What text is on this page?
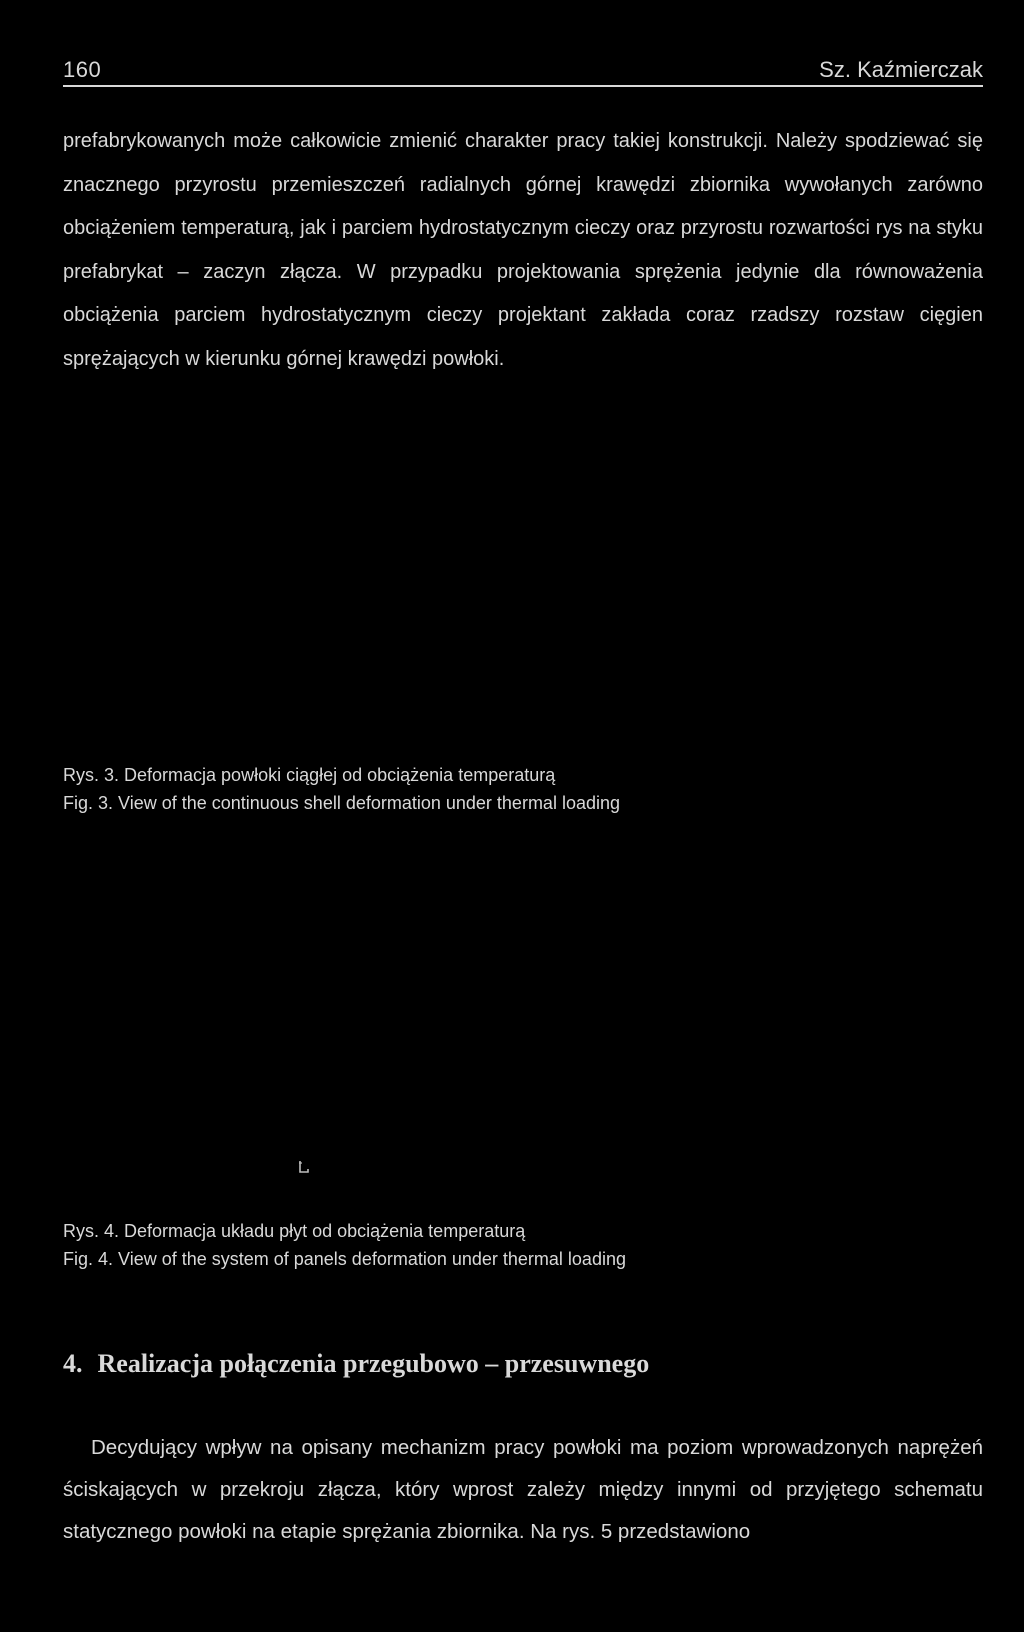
160	Sz. Kaźmierczak

prefabrykowanych może całkowicie zmienić charakter pracy takiej konstrukcji. Należy spodziewać się znacznego przyrostu przemieszczeń radialnych górnej krawędzi zbiornika wywołanych zarówno obciążeniem temperaturą, jak i parciem hydrostatycznym cieczy oraz przyrostu rozwartości rys na styku prefabrykat – zaczyn złącza. W przypadku projektowania sprężenia jedynie dla równoważenia obciążenia parciem hydrostatycznym cieczy projektant zakłada coraz rzadszy rozstaw cięgien sprężających w kierunku górnej krawędzi powłoki.

Rys. 3. Deformacja powłoki ciągłej od obciążenia temperaturą

Fig. 3. View of the continuous shell deformation under thermal loading

Rys. 4. Deformacja układu płyt od obciążenia temperaturą

Fig. 4. View of the system of panels deformation under thermal loading

4. Realizacja połączenia przegubowo – przesuwnego

Decydujący wpływ na opisany mechanizm pracy powłoki ma poziom wprowadzonych naprężeń ściskających w przekroju złącza, który wprost zależy między innymi od przyjętego schematu statycznego powłoki na etapie sprężania zbiornika. Na rys. 5 przedstawiono
